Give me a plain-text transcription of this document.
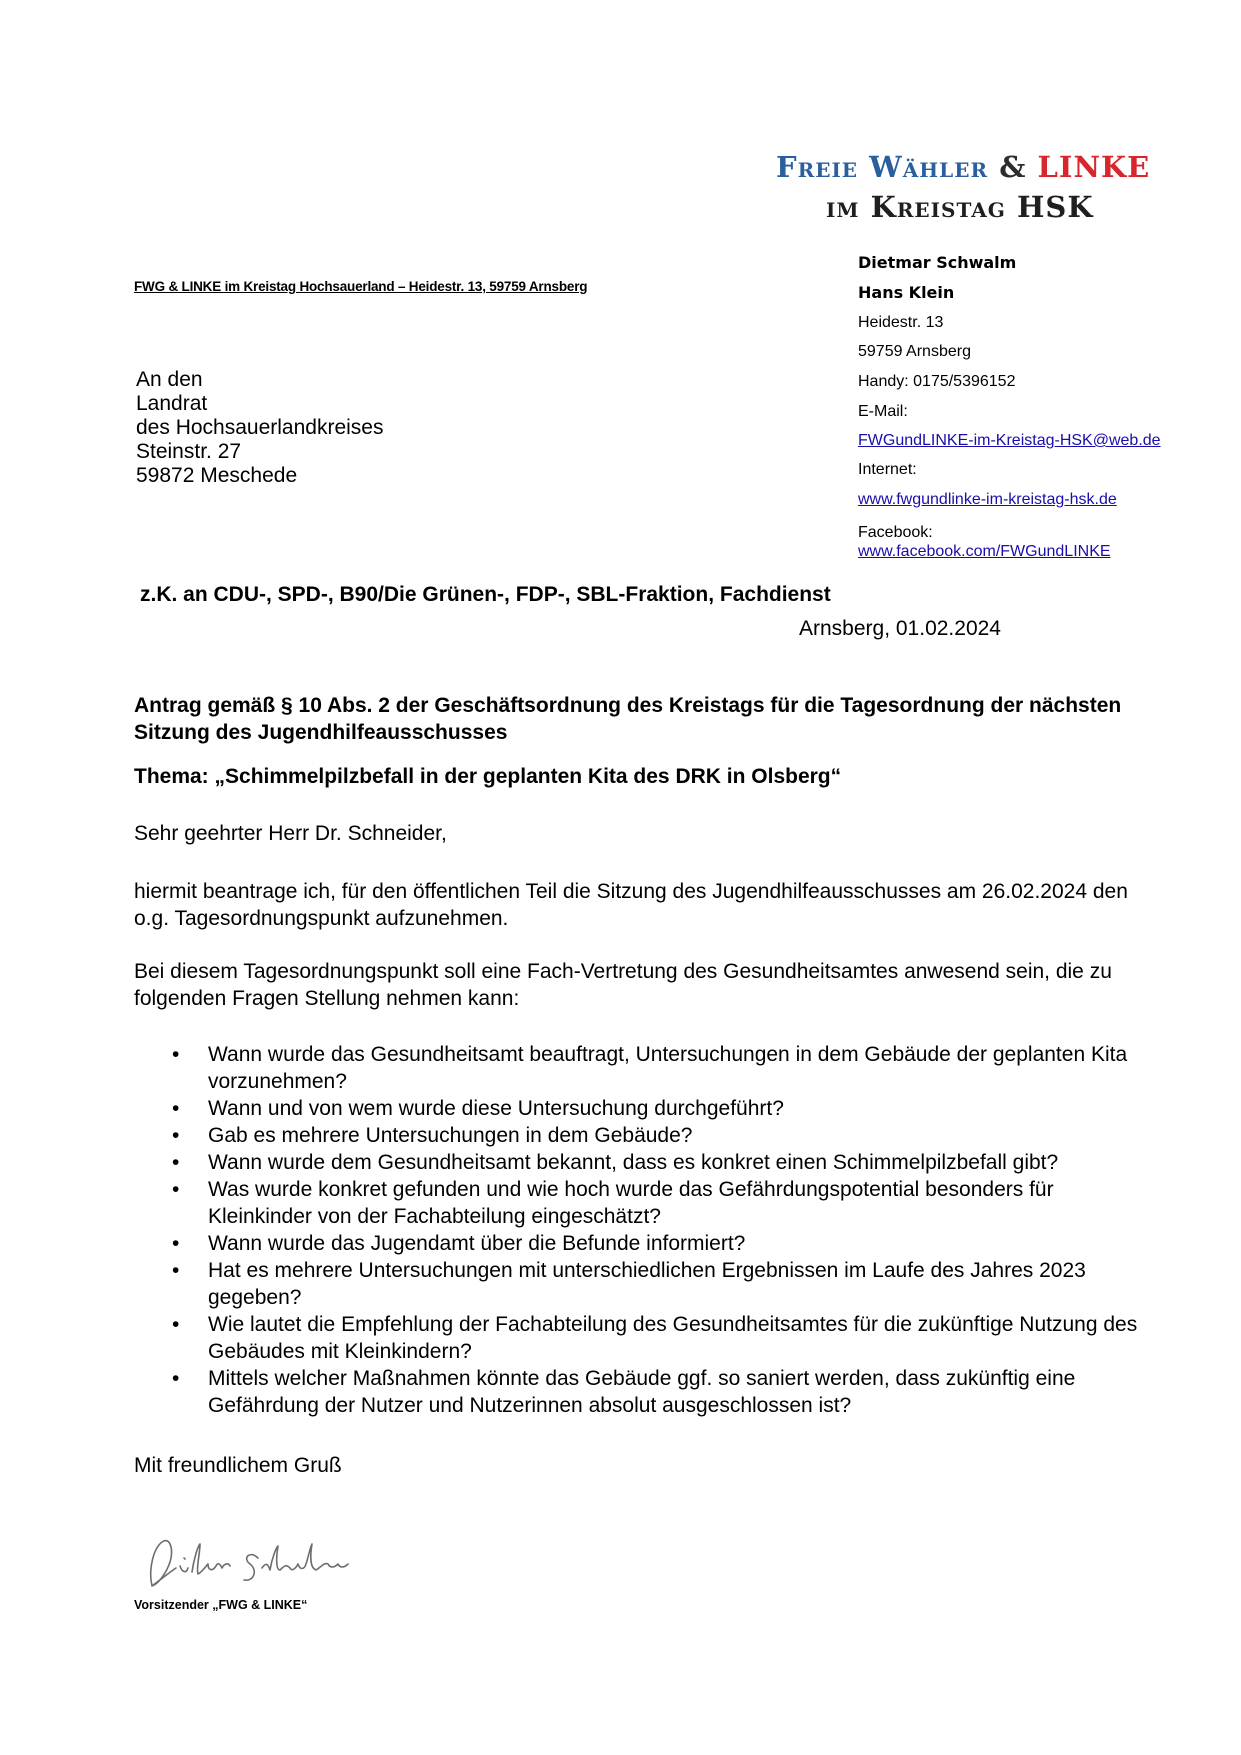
Freie Wähler & LINKE
im Kreistag HSK
FWG & LINKE im Kreistag Hochsauerland – Heidestr. 13, 59759 Arnsberg
Dietmar Schwalm
Hans Klein
Heidestr. 13
59759 Arnsberg
Handy: 0175/5396152
E-Mail:
FWGundLINKE-im-Kreistag-HSK@web.de
Internet:
www.fwgundlinke-im-kreistag-hsk.de
Facebook:
www.facebook.com/FWGundLINKE
An den
Landrat
des Hochsauerlandkreises
Steinstr. 27
59872 Meschede
z.K. an CDU-, SPD-, B90/Die Grünen-, FDP-, SBL-Fraktion, Fachdienst
Arnsberg, 01.02.2024
Antrag gemäß § 10 Abs. 2 der Geschäftsordnung des Kreistags für die Tagesordnung der nächsten Sitzung des Jugendhilfeausschusses
Thema: „Schimmelpilzbefall in der geplanten Kita des DRK in Olsberg“
Sehr geehrter Herr Dr. Schneider,
hiermit beantrage ich, für den öffentlichen Teil die Sitzung des Jugendhilfeausschusses am 26.02.2024 den o.g. Tagesordnungspunkt aufzunehmen.
Bei diesem Tagesordnungspunkt soll eine Fach-Vertretung des Gesundheitsamtes anwesend sein, die zu folgenden Fragen Stellung nehmen kann:
• Wann wurde das Gesundheitsamt beauftragt, Untersuchungen in dem Gebäude der geplanten Kita vorzunehmen?
• Wann und von wem wurde diese Untersuchung durchgeführt?
• Gab es mehrere Untersuchungen in dem Gebäude?
• Wann wurde dem Gesundheitsamt bekannt, dass es konkret einen Schimmelpilzbefall gibt?
• Was wurde konkret gefunden und wie hoch wurde das Gefährdungspotential besonders für Kleinkinder von der Fachabteilung eingeschätzt?
• Wann wurde das Jugendamt über die Befunde informiert?
• Hat es mehrere Untersuchungen mit unterschiedlichen Ergebnissen im Laufe des Jahres 2023 gegeben?
• Wie lautet die Empfehlung der Fachabteilung des Gesundheitsamtes für die zukünftige Nutzung des Gebäudes mit Kleinkindern?
• Mittels welcher Maßnahmen könnte das Gebäude ggf. so saniert werden, dass zukünftig eine Gefährdung der Nutzer und Nutzerinnen absolut ausgeschlossen ist?
Mit freundlichem Gruß
Vorsitzender „FWG & LINKE“
